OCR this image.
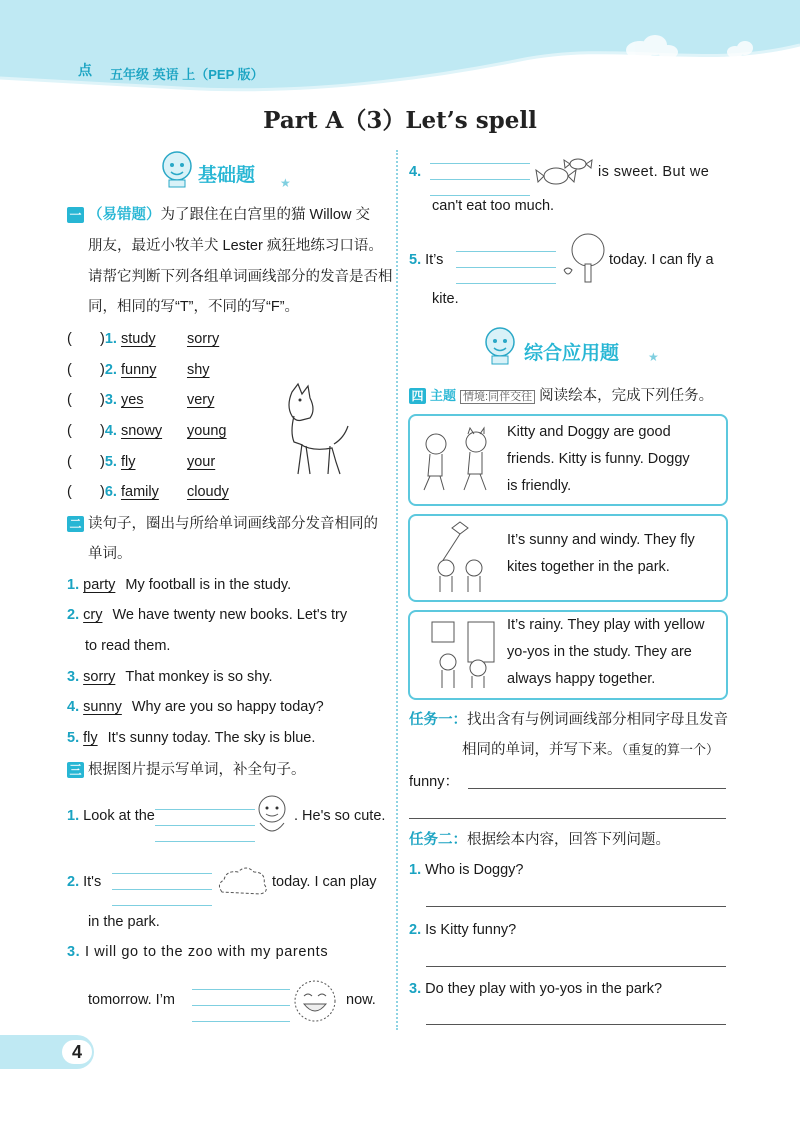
点 五年级 英语 上（PEP 版）
Part A（3）Let’s spell
基础题 ★
一 （易错题）为了跟住在白宫里的猫 Willow 交
朋友，最近小牧羊犬 Lester 疯狂地练习口语。
请帮它判断下列各组单词画线部分的发音是否相
同，相同的写“T”，不同的写“F”。
(       )1. study sorry
(       )2. funny shy
(       )3. yes	very
(       )4. snowy young
(       )5. fly	your
(       )6. family cloudy
二 读句子，圈出与所给单词画线部分发音相同的
单词。
1. party My football is in the study.
2. cry We have twenty new books. Let's try
to read them.
3. sorry That monkey is so shy.
4. sunny Why are you so happy today?
5. fly It's sunny today. The sky is blue.
三 根据图片提示写单词，补全句子。
1. Look at the	. He's so cute.
2. It's	today. I can play
in the park.
3. I will go to the zoo with my parents
tomorrow. I’m	now.
4.	is sweet. But we
can't eat too much.
5. It’s	today. I can fly a
kite.
综合应用题 ★
四 主题 情境:同伴交往 阅读绘本，完成下列任务。
Kitty and Doggy are good
friends. Kitty is funny. Doggy
is friendly.
It’s sunny and windy. They fly
kites together in the park.
It’s rainy. They play with yellow
yo-yos in the study. They are
always happy together.
任务一：找出含有与例词画线部分相同字母且发音
相同的单词，并写下来。（重复的算一个）
funny：
任务二：根据绘本内容，回答下列问题。
1. Who is Doggy?
2. Is Kitty funny?
3. Do they play with yo-yos in the park?
4
